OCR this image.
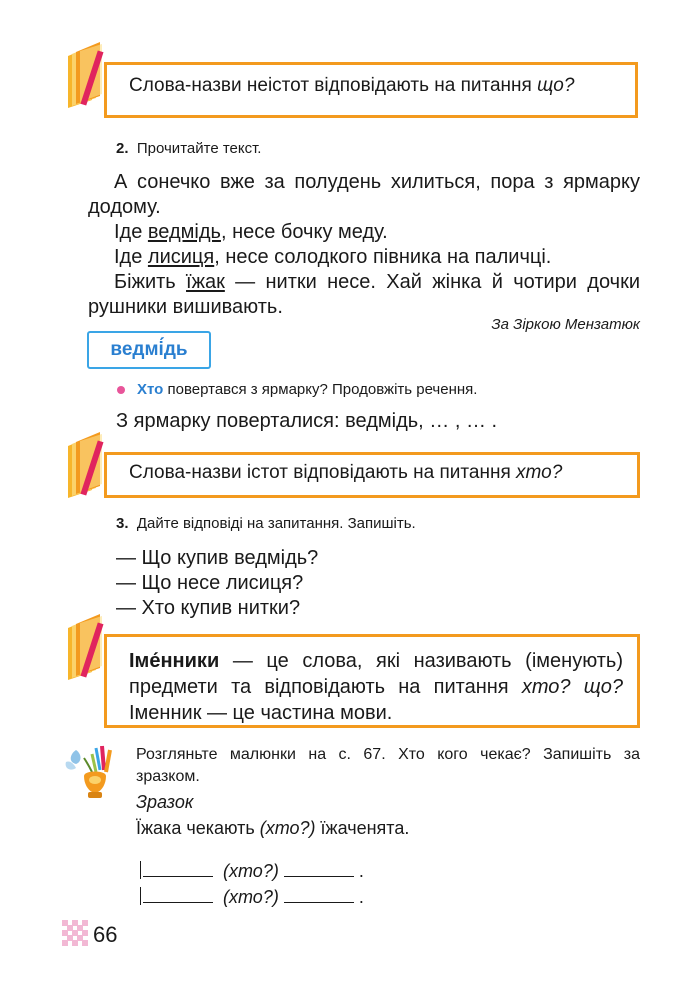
Слова-назви неістот відповідають на питання що?
2. Прочитайте текст.
А сонечко вже за полудень хилиться, пора з ярмарку
додому.
Іде ведмідь, несе бочку меду.
Іде лисиця, несе солодкого півника на паличці.
Біжить їжак — нитки несе. Хай жінка й чотири дочки
рушники вишивають.
За Зіркою Мензатюк
ведмі́дь
Хто повертався з ярмарку? Продовжіть речення.
З ярмарку поверталися: ведмідь, … , … .
Слова-назви істот відповідають на питання хто?
3. Дайте відповіді на запитання. Запишіть.
— Що купив ведмідь?
— Що несе лисиця?
— Хто купив нитки?
Іме́нники — це слова, які називають (іменують)
предмети та відповідають на питання хто? що?
Іменник — це частина мови.
Розгляньте малюнки на с. 67. Хто кого чекає? Запишіть за
зразком.
Зразок
Їжака чекають (хто?) їжаченята.
(хто?)	.
(хто?)	.
66
